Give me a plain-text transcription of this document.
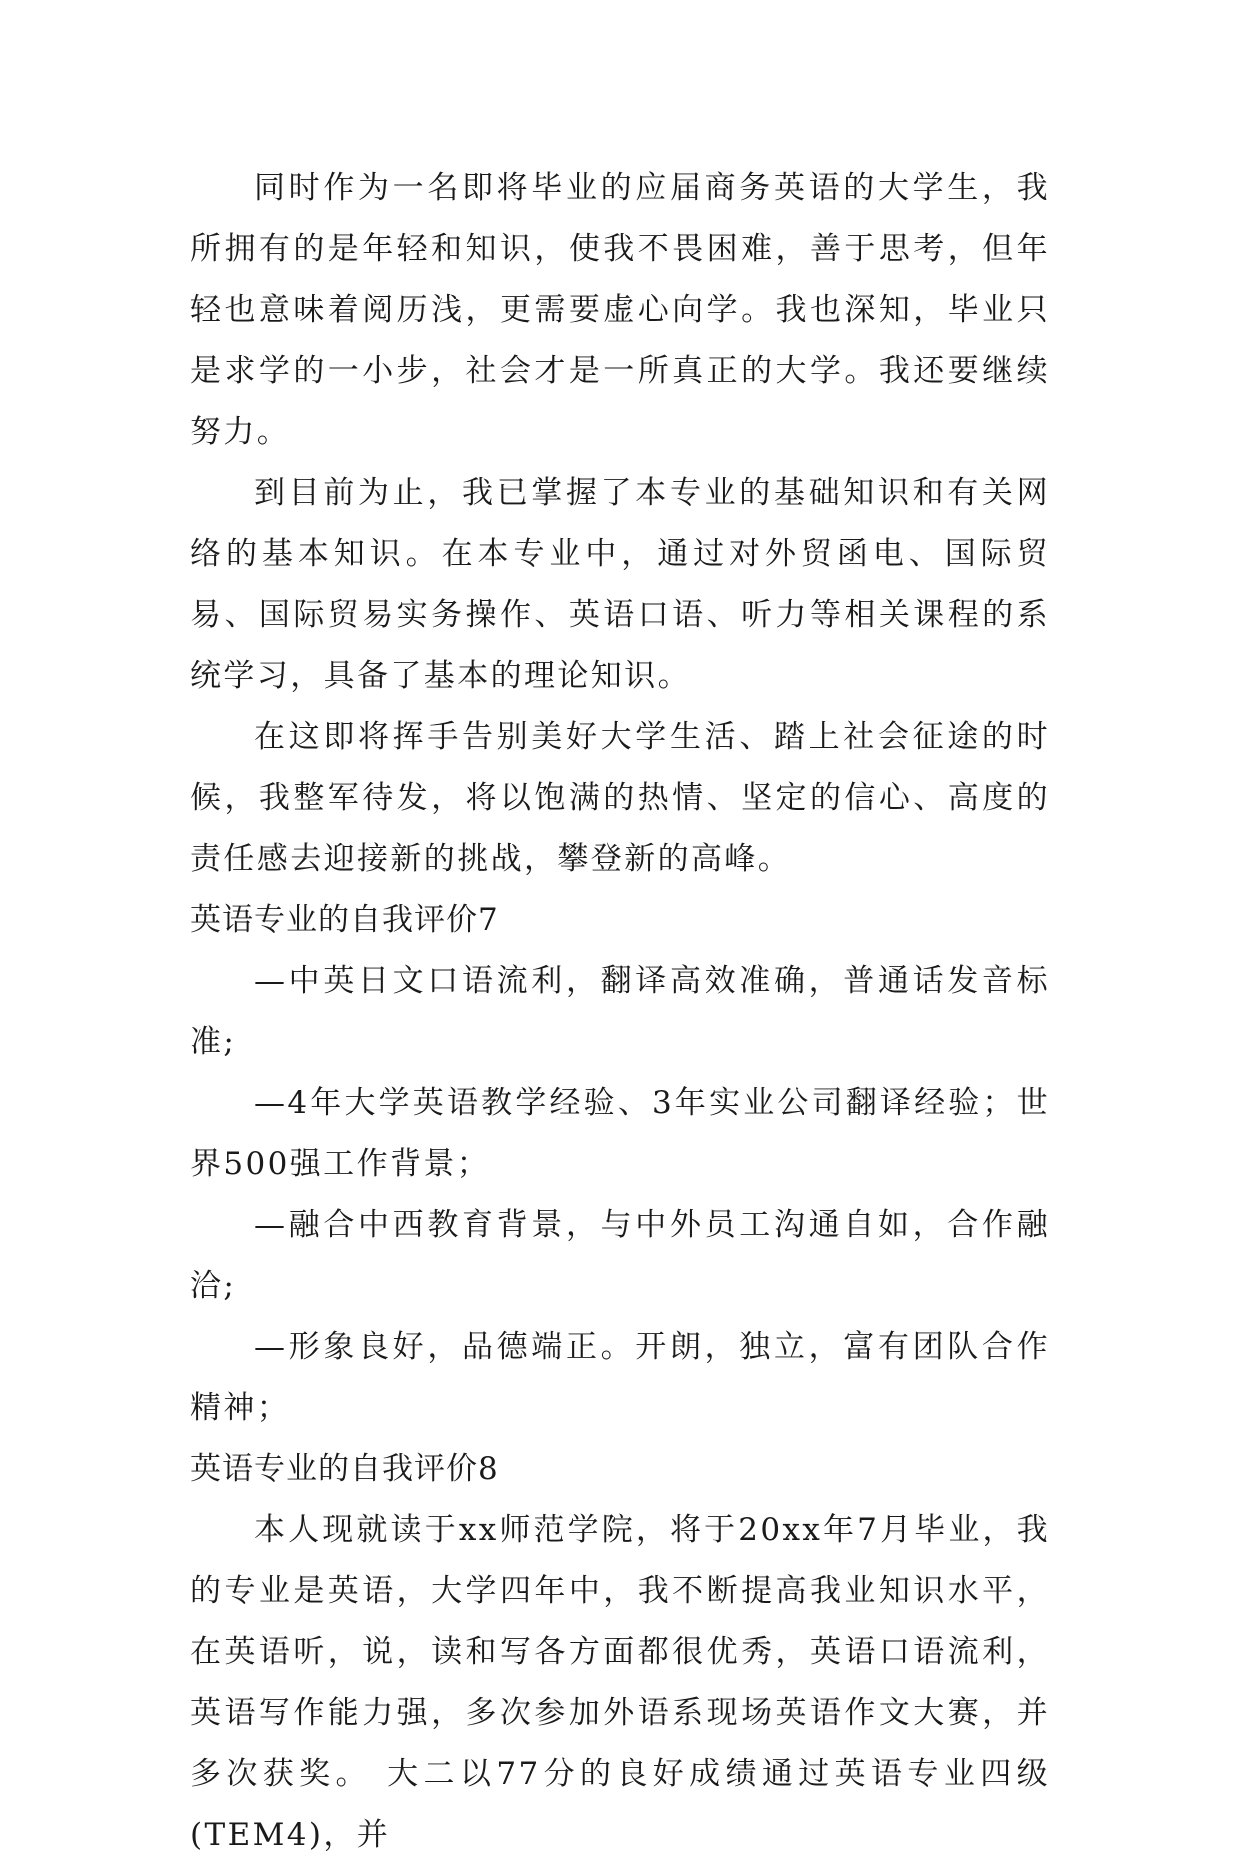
同时作为一名即将毕业的应届商务英语的大学生，我所拥有的是年轻和知识，使我不畏困难，善于思考，但年轻也意味着阅历浅，更需要虚心向学。我也深知，毕业只是求学的一小步，社会才是一所真正的大学。我还要继续努力。

到目前为止，我已掌握了本专业的基础知识和有关网络的基本知识。在本专业中，通过对外贸函电、国际贸易、国际贸易实务操作、英语口语、听力等相关课程的系统学习，具备了基本的理论知识。

在这即将挥手告别美好大学生活、踏上社会征途的时候，我整军待发，将以饱满的热情、坚定的信心、高度的责任感去迎接新的挑战，攀登新的高峰。

英语专业的自我评价7

—中英日文口语流利，翻译高效准确，普通话发音标准;

—4年大学英语教学经验、3年实业公司翻译经验；世界500强工作背景；

—融合中西教育背景，与中外员工沟通自如，合作融洽;

—形象良好，品德端正。开朗，独立，富有团队合作精神；

英语专业的自我评价8

本人现就读于xx师范学院，将于20xx年7月毕业，我的专业是英语，大学四年中，我不断提高我业知识水平，在英语听，说，读和写各方面都很优秀，英语口语流利，英语写作能力强，多次参加外语系现场英语作文大赛，并多次获奖。 大二以77分的良好成绩通过英语专业四级(TEM4)，并
